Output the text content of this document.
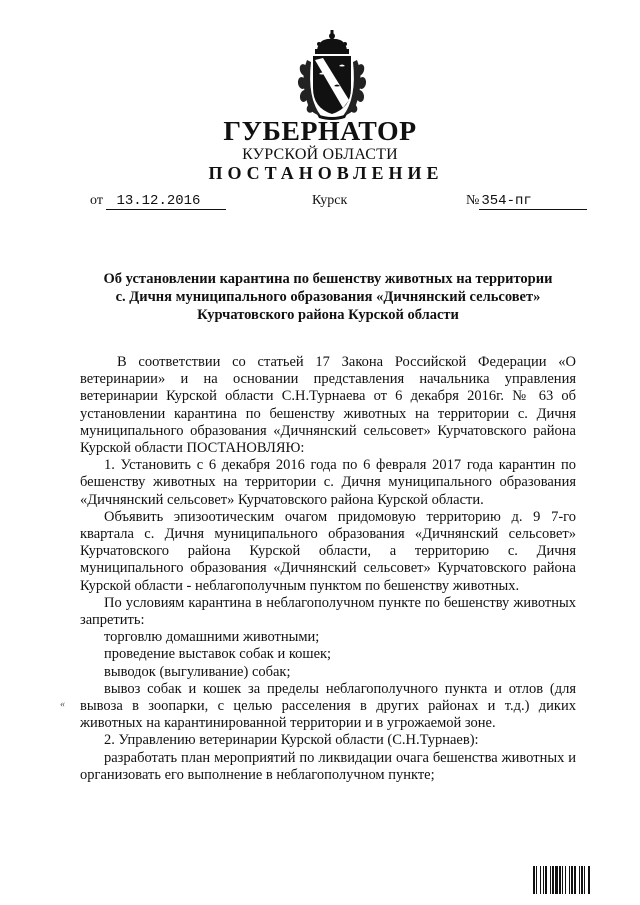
ГУБЕРНАТОР
КУРСКОЙ ОБЛАСТИ
ПОСТАНОВЛЕНИЕ
от 13.12.2016	Курск	№ 354-пг
Об установлении карантина по бешенству животных на территории
с. Дичня муниципального образования «Дичнянский сельсовет»
Курчатовского района Курской области

В соответствии со статьей 17 Закона Российской Федерации «О ветеринарии» и на основании представления начальника управления ветеринарии Курской области С.Н.Турнаева от 6 декабря 2016г. № 63 об установлении карантина по бешенству животных на территории с. Дичня муниципального образования «Дичнянский сельсовет» Курчатовского района Курской области ПОСТАНОВЛЯЮ:

1. Установить с 6 декабря 2016 года по 6 февраля 2017 года карантин по бешенству животных на территории с. Дичня муниципального образования «Дичнянский сельсовет» Курчатовского района Курской области.

Объявить эпизоотическим очагом придомовую территорию д. 9 7-го квартала с. Дичня муниципального образования «Дичнянский сельсовет» Курчатовского района Курской области, а территорию с. Дичня муниципального образования «Дичнянский сельсовет» Курчатовского района Курской области - неблагополучным пунктом по бешенству животных.

По условиям карантина в неблагополучном пункте по бешенству животных запретить:

торговлю домашними животными;

проведение выставок собак и кошек;

выводок (выгуливание) собак;

вывоз собак и кошек за пределы неблагополучного пункта и отлов (для вывоза в зоопарки, с целью расселения в других районах и т.д.) диких животных на карантинированной территории и в угрожаемой зоне.

2. Управлению ветеринарии Курской области (С.Н.Турнаев):

разработать план мероприятий по ликвидации очага бешенства животных и организовать его выполнение в неблагополучном пункте;

«
